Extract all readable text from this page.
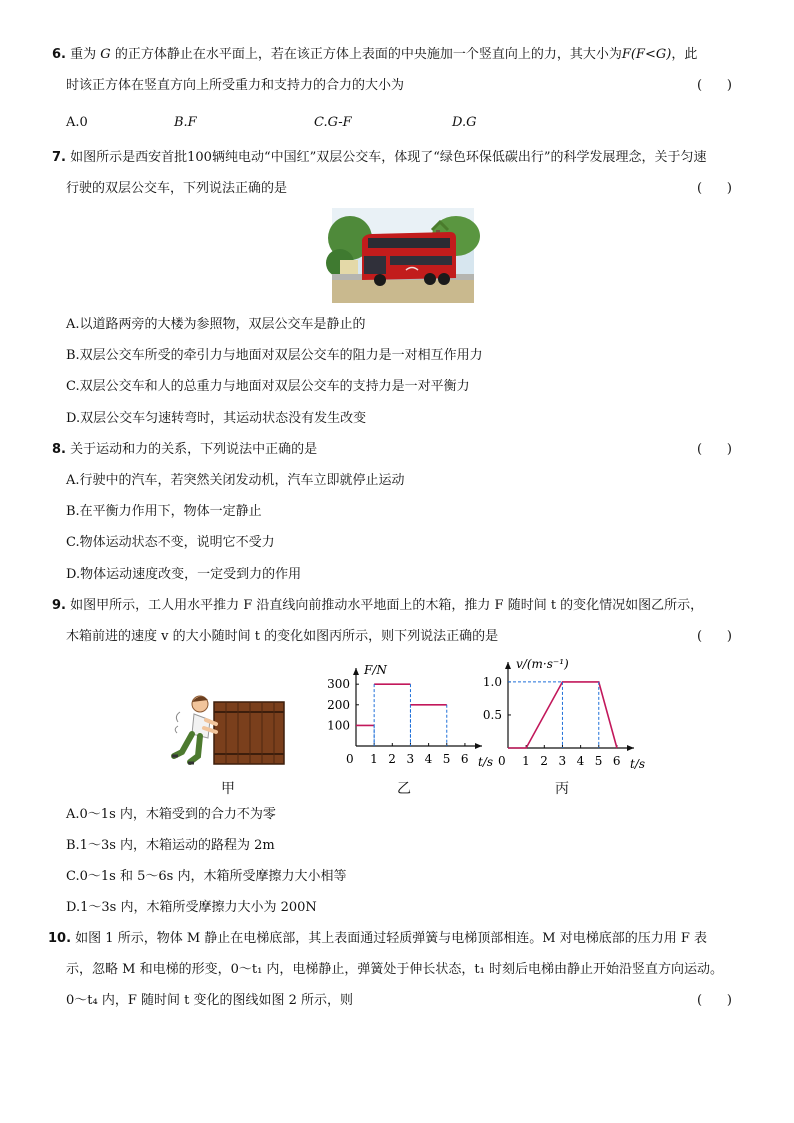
6. 重为 G 的正方体静止在水平面上，若在该正方体上表面的中央施加一个竖直向上的力，其大小为F(F<G)，此
时该正方体在竖直方向上所受重力和支持力的合力的大小为	(      )
A.0	B.F	C.G-F	D.G
7. 如图所示是西安首批100辆纯电动“中国红”双层公交车，体现了“绿色环保低碳出行”的科学发展理念，关于匀速
行驶的双层公交车，下列说法正确的是	(      )
A.以道路两旁的大楼为参照物，双层公交车是静止的
B.双层公交车所受的牵引力与地面对双层公交车的阻力是一对相互作用力
C.双层公交车和人的总重力与地面对双层公交车的支持力是一对平衡力
D.双层公交车匀速转弯时，其运动状态没有发生改变
8. 关于运动和力的关系，下列说法中正确的是	(      )
A.行驶中的汽车，若突然关闭发动机，汽车立即就停止运动
B.在平衡力作用下，物体一定静止
C.物体运动状态不变，说明它不受力
D.物体运动速度改变，一定受到力的作用
9. 如图甲所示，工人用水平推力 F 沿直线向前推动水平地面上的木箱，推力 F 随时间 t 的变化情况如图乙所示，
木箱前进的速度 v 的大小随时间 t 的变化如图丙所示，则下列说法正确的是	(      )
F/N
t/s
0 1 2 3 4 5 6
100
200
300
v/(m·s⁻¹)
t/s
0 1 2 3 4 5 6
0.5
1.0
甲	乙	丙
A.0～1s 内，木箱受到的合力不为零
B.1～3s 内，木箱运动的路程为 2m
C.0～1s 和 5～6s 内，木箱所受摩擦力大小相等
D.1～3s 内，木箱所受摩擦力大小为 200N
10. 如图 1 所示，物体 M 静止在电梯底部，其上表面通过轻质弹簧与电梯顶部相连。M 对电梯底部的压力用 F 表
示，忽略 M 和电梯的形变，0～t₁ 内，电梯静止，弹簧处于伸长状态，t₁ 时刻后电梯由静止开始沿竖直方向运动。
0～t₄ 内，F 随时间 t 变化的图线如图 2 所示，则	(      )
